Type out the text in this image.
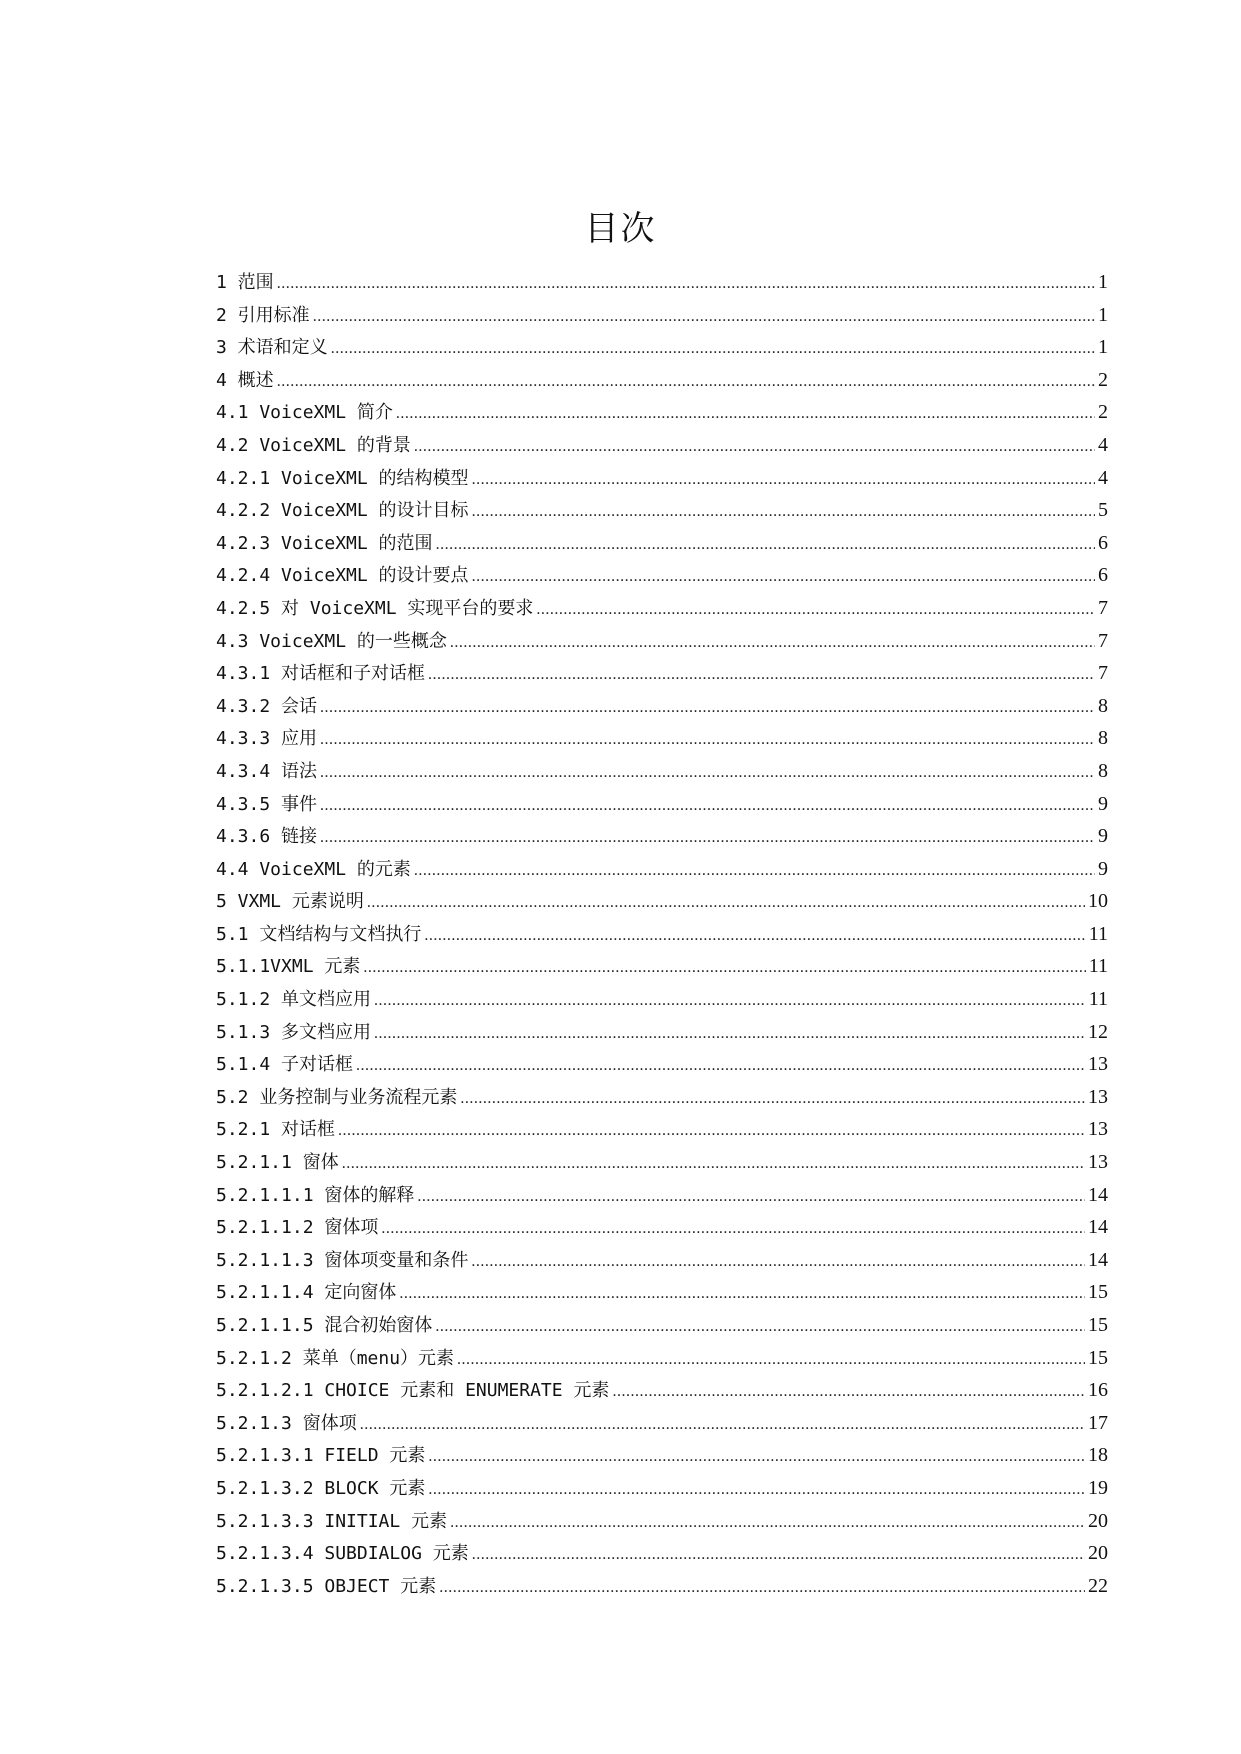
目次
1 范围 .....	1
2 引用标准 .....	1
3 术语和定义 .....	1
4 概述 .....	2
4.1 VoiceXML 简介 .....	2
4.2 VoiceXML 的背景 .....	4
4.2.1 VoiceXML 的结构模型 .....	4
4.2.2 VoiceXML 的设计目标 .....	5
4.2.3 VoiceXML 的范围 .....	6
4.2.4 VoiceXML 的设计要点 .....	6
4.2.5 对 VoiceXML 实现平台的要求 .....	7
4.3 VoiceXML 的一些概念 .....	7
4.3.1 对话框和子对话框 .....	7
4.3.2 会话 .....	8
4.3.3 应用 .....	8
4.3.4 语法 .....	8
4.3.5 事件 .....	9
4.3.6 链接 .....	9
4.4 VoiceXML 的元素 .....	9
5 VXML 元素说明 .....	10
5.1 文档结构与文档执行 .....	11
5.1.1VXML 元素 .....	11
5.1.2 单文档应用 .....	11
5.1.3 多文档应用 .....	12
5.1.4 子对话框 .....	13
5.2 业务控制与业务流程元素 .....	13
5.2.1 对话框 .....	13
5.2.1.1 窗体 .....	13
5.2.1.1.1 窗体的解释 .....	14
5.2.1.1.2 窗体项 .....	14
5.2.1.1.3 窗体项变量和条件 .....	14
5.2.1.1.4 定向窗体 .....	15
5.2.1.1.5 混合初始窗体 .....	15
5.2.1.2 菜单（menu）元素 .....	15
5.2.1.2.1 CHOICE 元素和 ENUMERATE 元素 .....	16
5.2.1.3 窗体项 .....	17
5.2.1.3.1 FIELD 元素 .....	18
5.2.1.3.2 BLOCK 元素 .....	19
5.2.1.3.3 INITIAL 元素 .....	20
5.2.1.3.4 SUBDIALOG 元素 .....	20
5.2.1.3.5 OBJECT 元素 .....	22
